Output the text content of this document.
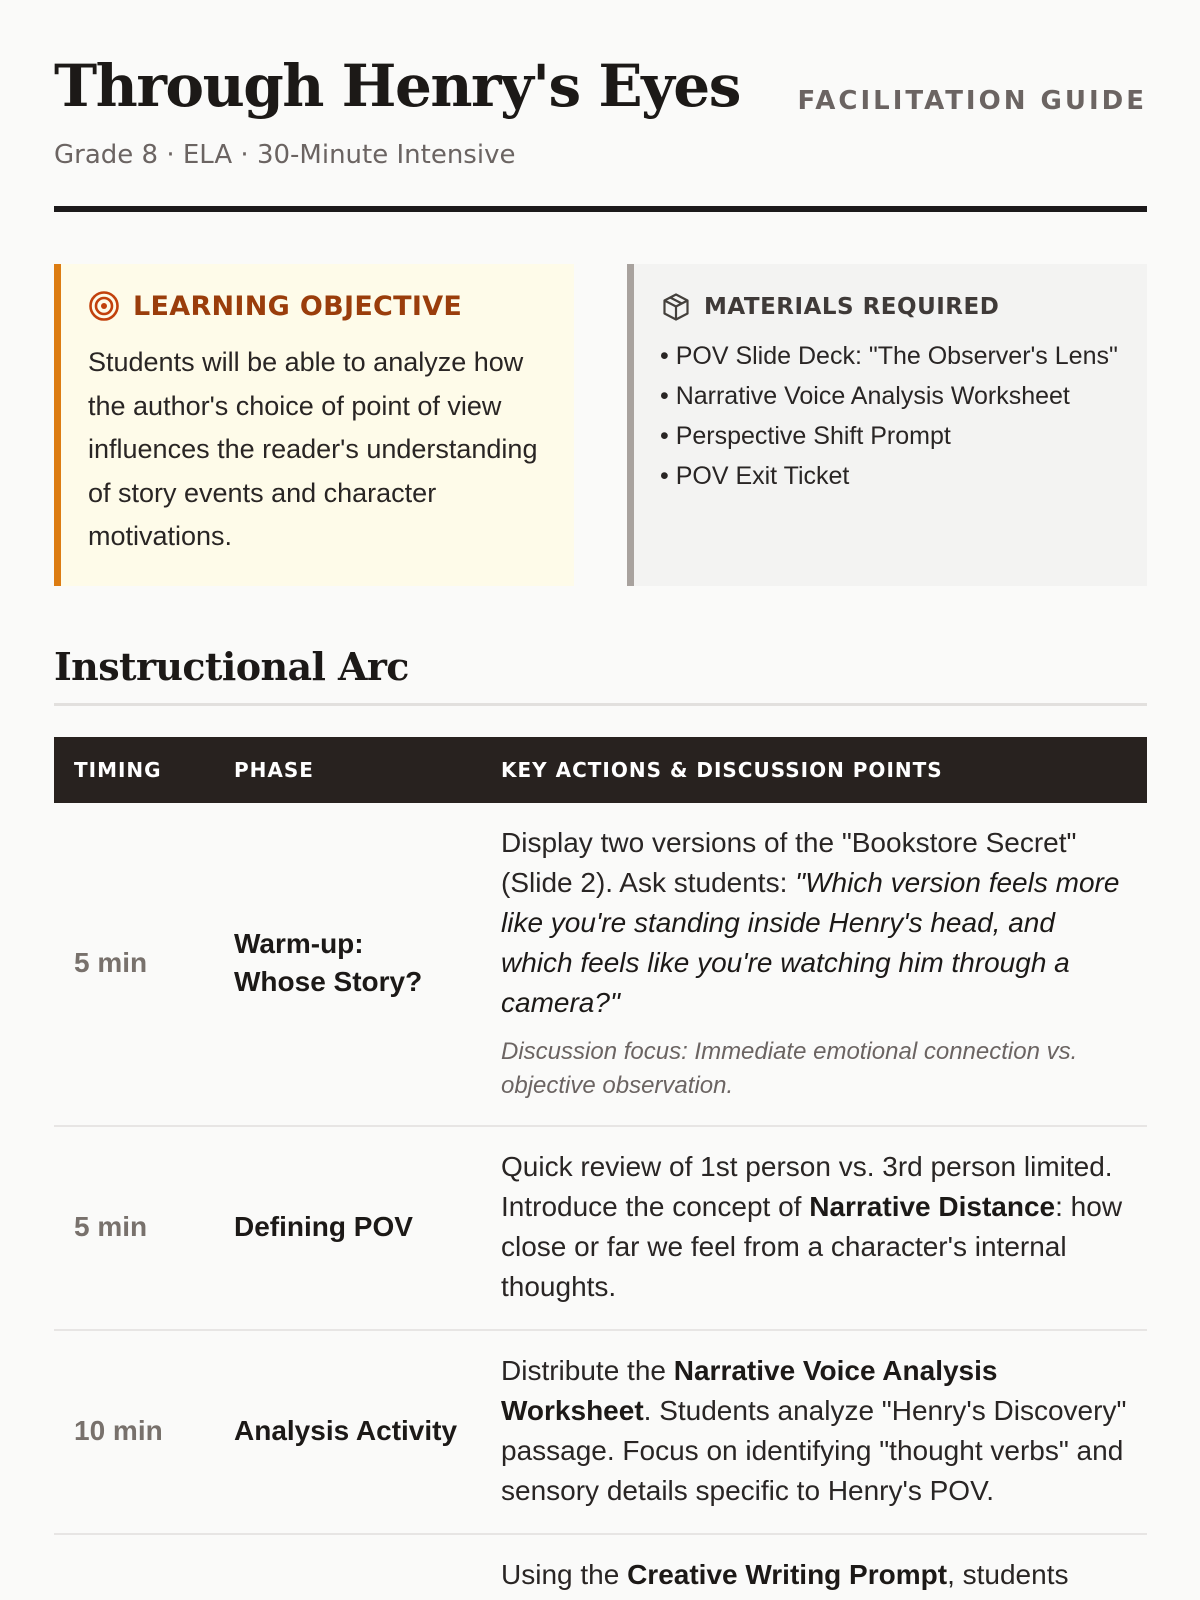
Through Henry's Eyes
Grade 8 · ELA · 30-Minute Intensive
FACILITATION GUIDE
LEARNING OBJECTIVE

Students will be able to analyze how the author's choice of point of view influences the reader's understanding of story events and character motivations.

MATERIALS REQUIRED
• POV Slide Deck: "The Observer's Lens"
• Narrative Voice Analysis Worksheet
• Perspective Shift Prompt
• POV Exit Ticket
Instructional Arc
TIMING	PHASE	KEY ACTIONS & DISCUSSION POINTS
5 min	Warm-up: Whose Story?	Display two versions of the "Bookstore Secret" (Slide 2). Ask students: "Which version feels more like you're standing inside Henry's head, and which feels like you're watching him through a camera?"
Discussion focus: Immediate emotional connection vs. objective observation.

5 min	Defining POV	Quick review of 1st person vs. 3rd person limited. Introduce the concept of Narrative Distance: how close or far we feel from a character's internal thoughts.
10 min	Analysis Activity	Distribute the Narrative Voice Analysis Worksheet. Students analyze "Henry's Discovery" passage. Focus on identifying "thought verbs" and sensory details specific to Henry's POV.
		Using the Creative Writing Prompt, students
